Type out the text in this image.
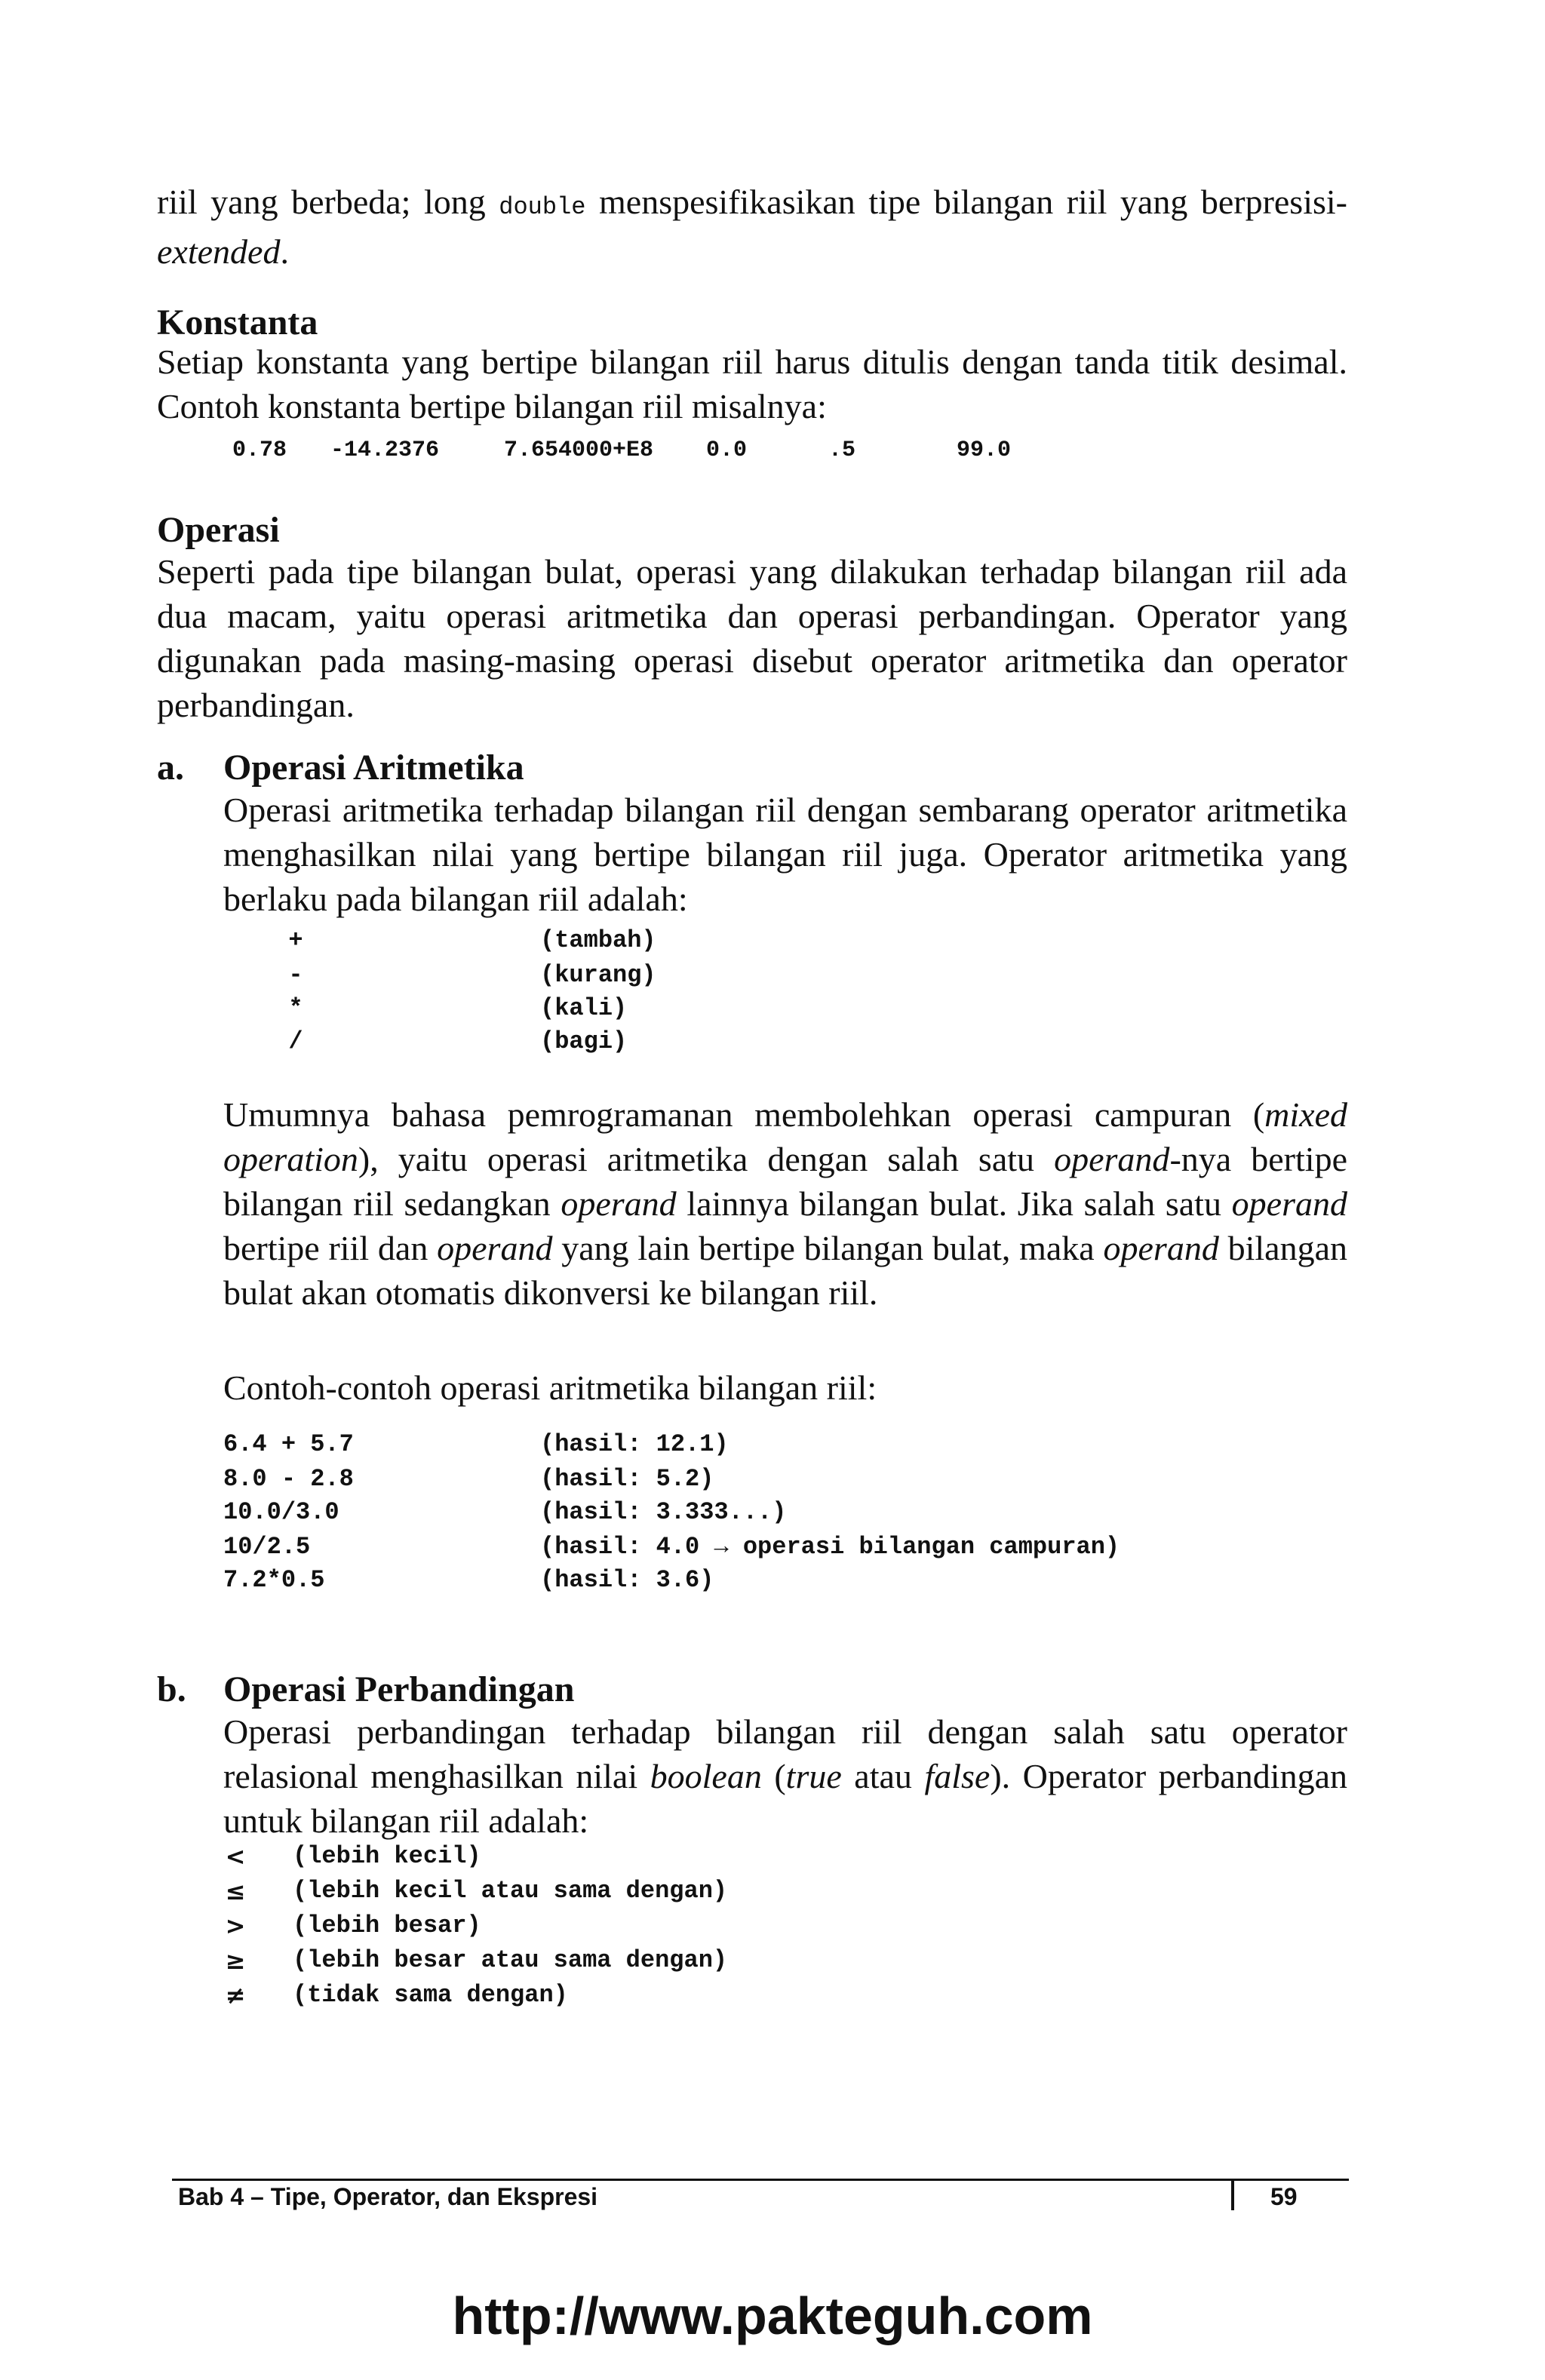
riil yang berbeda; long double menspesifikasikan tipe bilangan riil yang berpresisi-extended.

Konstanta

Setiap konstanta yang bertipe bilangan riil harus ditulis dengan tanda titik desimal. Contoh konstanta bertipe bilangan riil misalnya:

0.78 -14.2376	7.654000+E8 0.0	.5	99.0
Operasi

Seperti pada tipe bilangan bulat, operasi yang dilakukan terhadap bilangan riil ada dua macam, yaitu operasi aritmetika dan operasi perbandingan. Operator yang digunakan pada masing-masing operasi disebut operator aritmetika dan operator perbandingan.

a. Operasi Aritmetika

Operasi aritmetika terhadap bilangan riil dengan sembarang operator aritmetika menghasilkan nilai yang bertipe bilangan riil juga. Operator aritmetika yang berlaku pada bilangan riil adalah:

+	(tambah)
-	(kurang)
*	(kali)
/	(bagi)

Umumnya bahasa pemrogramanan membolehkan operasi campuran (mixed operation), yaitu operasi aritmetika dengan salah satu operand-nya bertipe bilangan riil sedangkan operand lainnya bilangan bulat. Jika salah satu operand bertipe riil dan operand yang lain bertipe bilangan bulat, maka operand bilangan bulat akan otomatis dikonversi ke bilangan riil.

Contoh-contoh operasi aritmetika bilangan riil:

6.4 + 5.7	(hasil: 12.1)
8.0 - 2.8	(hasil: 5.2)
10.0/3.0	(hasil: 3.333...)
10/2.5	(hasil: 4.0 → operasi bilangan campuran)
7.2*0.5	(hasil: 3.6)
b. Operasi Perbandingan

Operasi perbandingan terhadap bilangan riil dengan salah satu operator relasional menghasilkan nilai boolean (true atau false). Operator perbandingan untuk bilangan riil adalah:

< (lebih kecil)
≤ (lebih kecil atau sama dengan)
> (lebih besar)
≥ (lebih besar atau sama dengan)
≠ (tidak sama dengan)
Bab 4 – Tipe, Operator, dan Ekspresi	59
http://www.pakteguh.com
